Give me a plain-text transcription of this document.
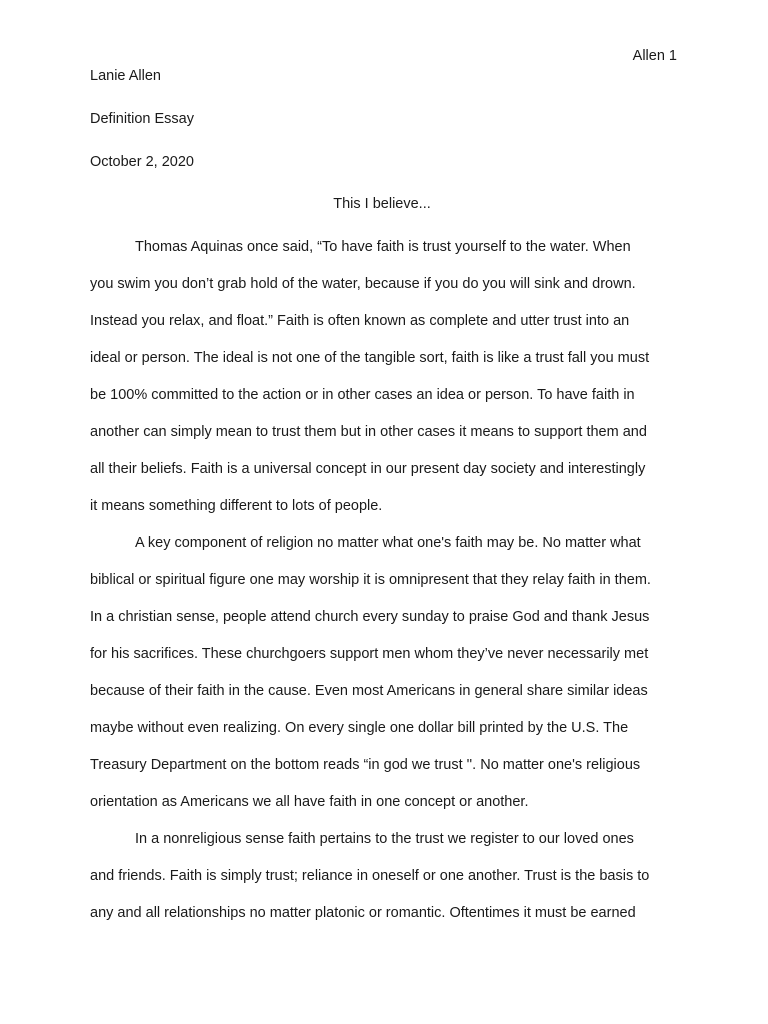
Allen 1
Lanie Allen
Definition Essay
October 2, 2020
This I believe...
Thomas Aquinas once said, “To have faith is trust yourself to the water. When
you swim you don’t grab hold of the water, because if you do you will sink and drown.
Instead you relax, and float.” Faith is often known as complete and utter trust into an
ideal or person. The ideal is not one of the tangible sort, faith is like a trust fall you must
be 100% committed to the action or in other cases an idea or person. To have faith in
another can simply mean to trust them but in other cases it means to support them and
all their beliefs. Faith is a universal concept in our present day society and interestingly
it means something different to lots of people.
A key component of religion no matter what one's faith may be. No matter what
biblical or spiritual figure one may worship it is omnipresent that they relay faith in them.
In a christian sense, people attend church every sunday to praise God and thank Jesus
for his sacrifices. These churchgoers support men whom they’ve never necessarily met
because of their faith in the cause. Even most Americans in general share similar ideas
maybe without even realizing. On every single one dollar bill printed by the U.S. The
Treasury Department on the bottom reads “in god we trust ''. No matter one's religious
orientation as Americans we all have faith in one concept or another.
In a nonreligious sense faith pertains to the trust we register to our loved ones
and friends. Faith is simply trust; reliance in oneself or one another. Trust is the basis to
any and all relationships no matter platonic or romantic. Oftentimes it must be earned
